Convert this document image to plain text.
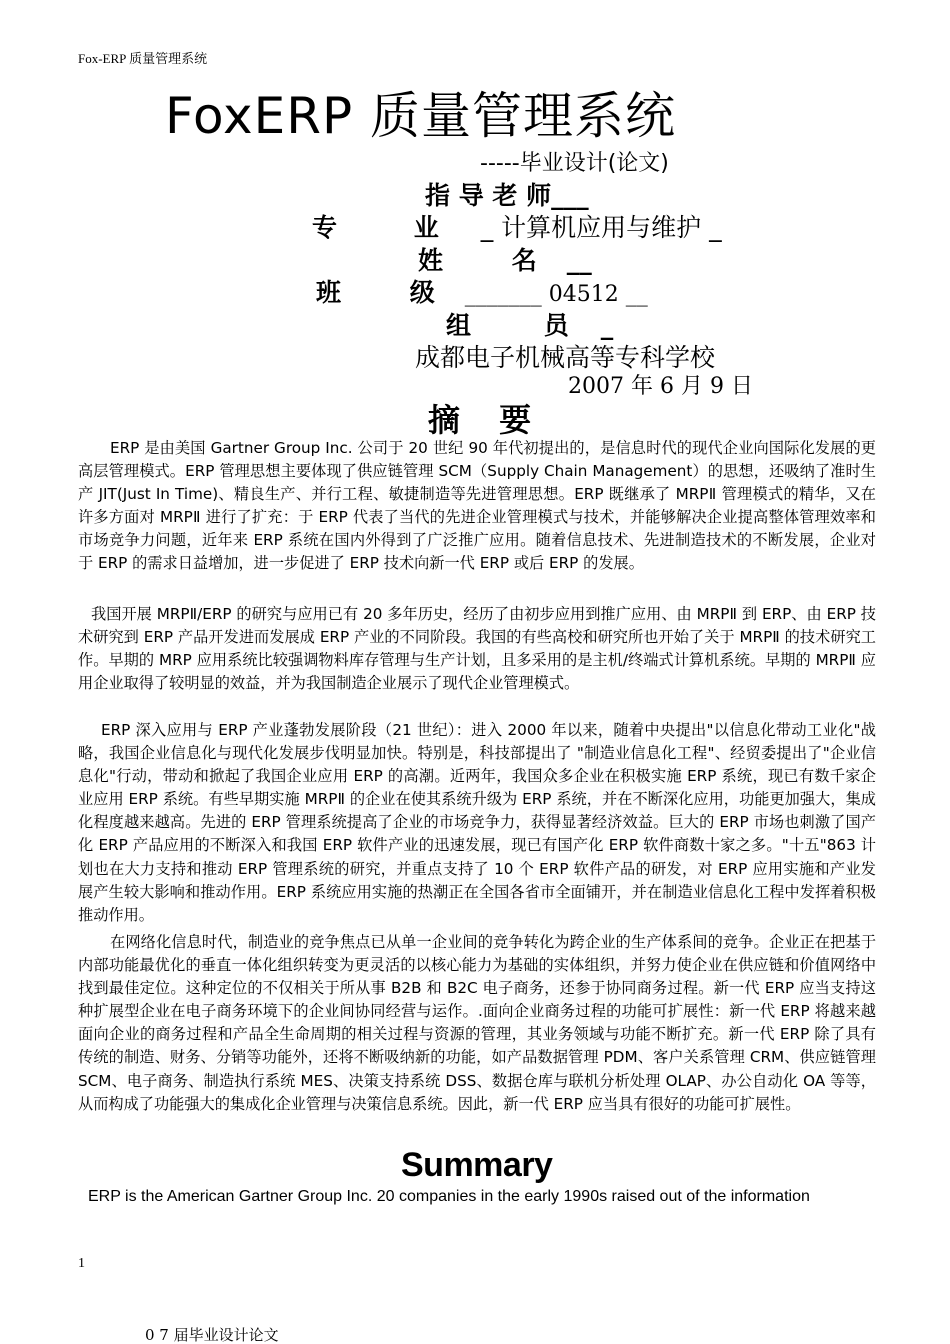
Fox-ERP 质量管理系统
FoxERP 质量管理系统
-----毕业设计(论文)
指 导 老 师___
专 业 _ 计算机应用与维护 _
姓 名__
班 级_______ 04512 __
组 员_
成都电子机械高等专科学校
2007 年 6 月 9 日
摘 要
ERP 是由美国 Gartner Group Inc. 公司于 20 世纪 90 年代初提出的，是信息时代的现代企业向国际化发展的更高层管理模式。ERP 管理思想主要体现了供应链管理 SCM（Supply Chain Management）的思想，还吸纳了准时生产 JIT(Just In Time)、精良生产、并行工程、敏捷制造等先进管理思想。ERP 既继承了 MRPⅡ 管理模式的精华，又在许多方面对 MRPⅡ 进行了扩充：于 ERP 代表了当代的先进企业管理模式与技术，并能够解决企业提高整体管理效率和市场竞争力问题，近年来 ERP 系统在国内外得到了广泛推广应用。随着信息技术、先进制造技术的不断发展，企业对于 ERP 的需求日益增加，进一步促进了 ERP 技术向新一代 ERP 或后 ERP 的发展。
我国开展 MRPⅡ/ERP 的研究与应用已有 20 多年历史，经历了由初步应用到推广应用、由 MRPⅡ 到 ERP、由 ERP 技术研究到 ERP 产品开发进而发展成 ERP 产业的不同阶段。我国的有些高校和研究所也开始了关于 MRPⅡ 的技术研究工作。早期的 MRP 应用系统比较强调物料库存管理与生产计划，且多采用的是主机/终端式计算机系统。早期的 MRPⅡ 应用企业取得了较明显的效益，并为我国制造企业展示了现代企业管理模式。
ERP 深入应用与 ERP 产业蓬勃发展阶段（21 世纪）：进入 2000 年以来，随着中央提出"以信息化带动工业化"战略，我国企业信息化与现代化发展步伐明显加快。特别是，科技部提出了 "制造业信息化工程"、经贸委提出了"企业信息化"行动，带动和掀起了我国企业应用 ERP 的高潮。近两年，我国众多企业在积极实施 ERP 系统，现已有数千家企业应用 ERP 系统。有些早期实施 MRPⅡ 的企业在使其系统升级为 ERP 系统，并在不断深化应用，功能更加强大，集成化程度越来越高。先进的 ERP 管理系统提高了企业的市场竞争力，获得显著经济效益。巨大的 ERP 市场也刺激了国产化 ERP 产品应用的不断深入和我国 ERP 软件产业的迅速发展，现已有国产化 ERP 软件商数十家之多。"十五"863 计划也在大力支持和推动 ERP 管理系统的研究，并重点支持了 10 个 ERP 软件产品的研发，对 ERP 应用实施和产业发展产生较大影响和推动作用。ERP 系统应用实施的热潮正在全国各省市全面铺开，并在制造业信息化工程中发挥着积极推动作用。
在网络化信息时代，制造业的竞争焦点已从单一企业间的竞争转化为跨企业的生产体系间的竞争。企业正在把基于内部功能最优化的垂直一体化组织转变为更灵活的以核心能力为基础的实体组织，并努力使企业在供应链和价值网络中找到最佳定位。这种定位的不仅相关于所从事 B2B 和 B2C 电子商务，还参于协同商务过程。新一代 ERP 应当支持这种扩展型企业在电子商务环境下的企业间协同经营与运作。.面向企业商务过程的功能可扩展性：新一代 ERP 将越来越面向企业的商务过程和产品全生命周期的相关过程与资源的管理，其业务领域与功能不断扩充。新一代 ERP 除了具有传统的制造、财务、分销等功能外，还将不断吸纳新的功能，如产品数据管理 PDM、客户关系管理 CRM、供应链管理 SCM、电子商务、制造执行系统 MES、决策支持系统 DSS、数据仓库与联机分析处理 OLAP、办公自动化 OA 等等，从而构成了功能强大的集成化企业管理与决策信息系统。因此，新一代 ERP 应当具有很好的功能可扩展性。
Summary
ERP is the American Gartner Group Inc. 20 companies in the early 1990s raised out of the information
1
0 7 届毕业设计论文
